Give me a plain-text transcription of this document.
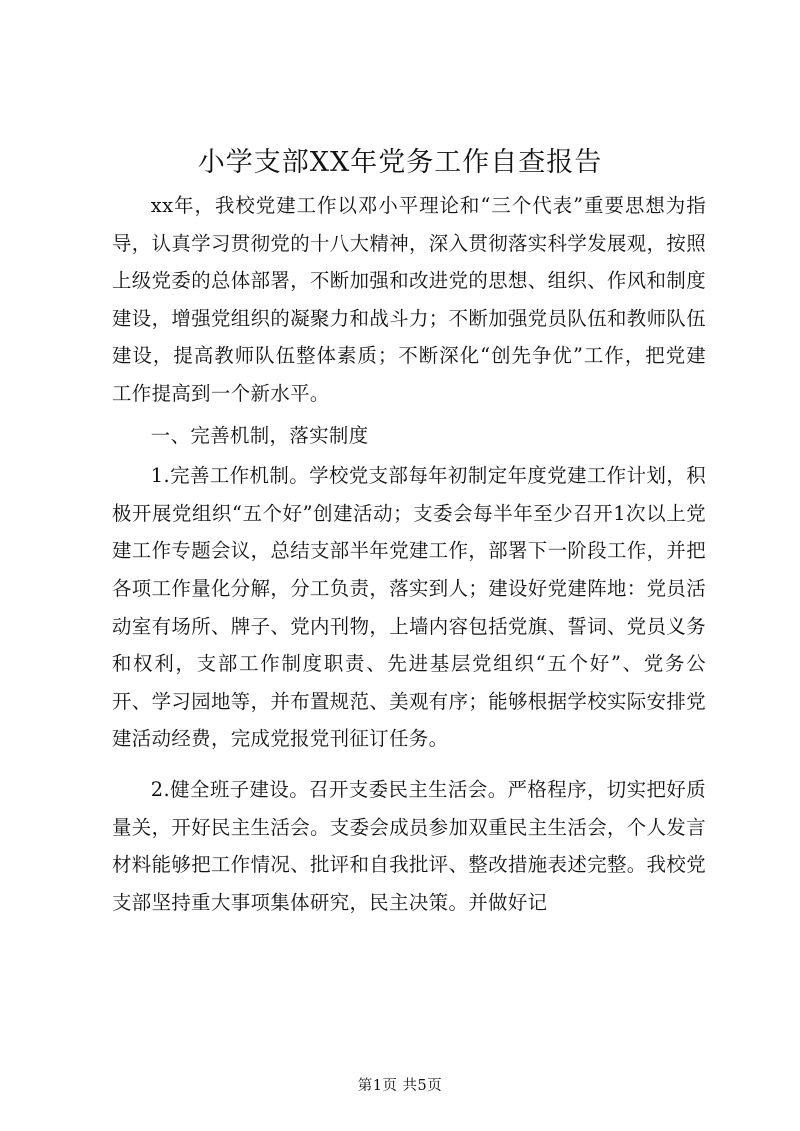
小学支部XX年党务工作自查报告

xx年，我校党建工作以邓小平理论和“三个代表”重要思想为指导，认真学习贯彻党的十八大精神，深入贯彻落实科学发展观，按照上级党委的总体部署，不断加强和改进党的思想、组织、作风和制度建设，增强党组织的凝聚力和战斗力；不断加强党员队伍和教师队伍建设，提高教师队伍整体素质；不断深化“创先争优”工作，把党建工作提高到一个新水平。

一、完善机制，落实制度

1.完善工作机制。学校党支部每年初制定年度党建工作计划，积极开展党组织“五个好”创建活动；支委会每半年至少召开1次以上党建工作专题会议，总结支部半年党建工作，部署下一阶段工作，并把各项工作量化分解，分工负责，落实到人；建设好党建阵地：党员活动室有场所、牌子、党内刊物，上墙内容包括党旗、誓词、党员义务和权利，支部工作制度职责、先进基层党组织“五个好”、党务公开、学习园地等，并布置规范、美观有序；能够根据学校实际安排党建活动经费，完成党报党刊征订任务。

2.健全班子建设。召开支委民主生活会。严格程序，切实把好质量关，开好民主生活会。支委会成员参加双重民主生活会，个人发言材料能够把工作情况、批评和自我批评、整改措施表述完整。我校党支部坚持重大事项集体研究，民主决策。并做好记

第1页 共5页
